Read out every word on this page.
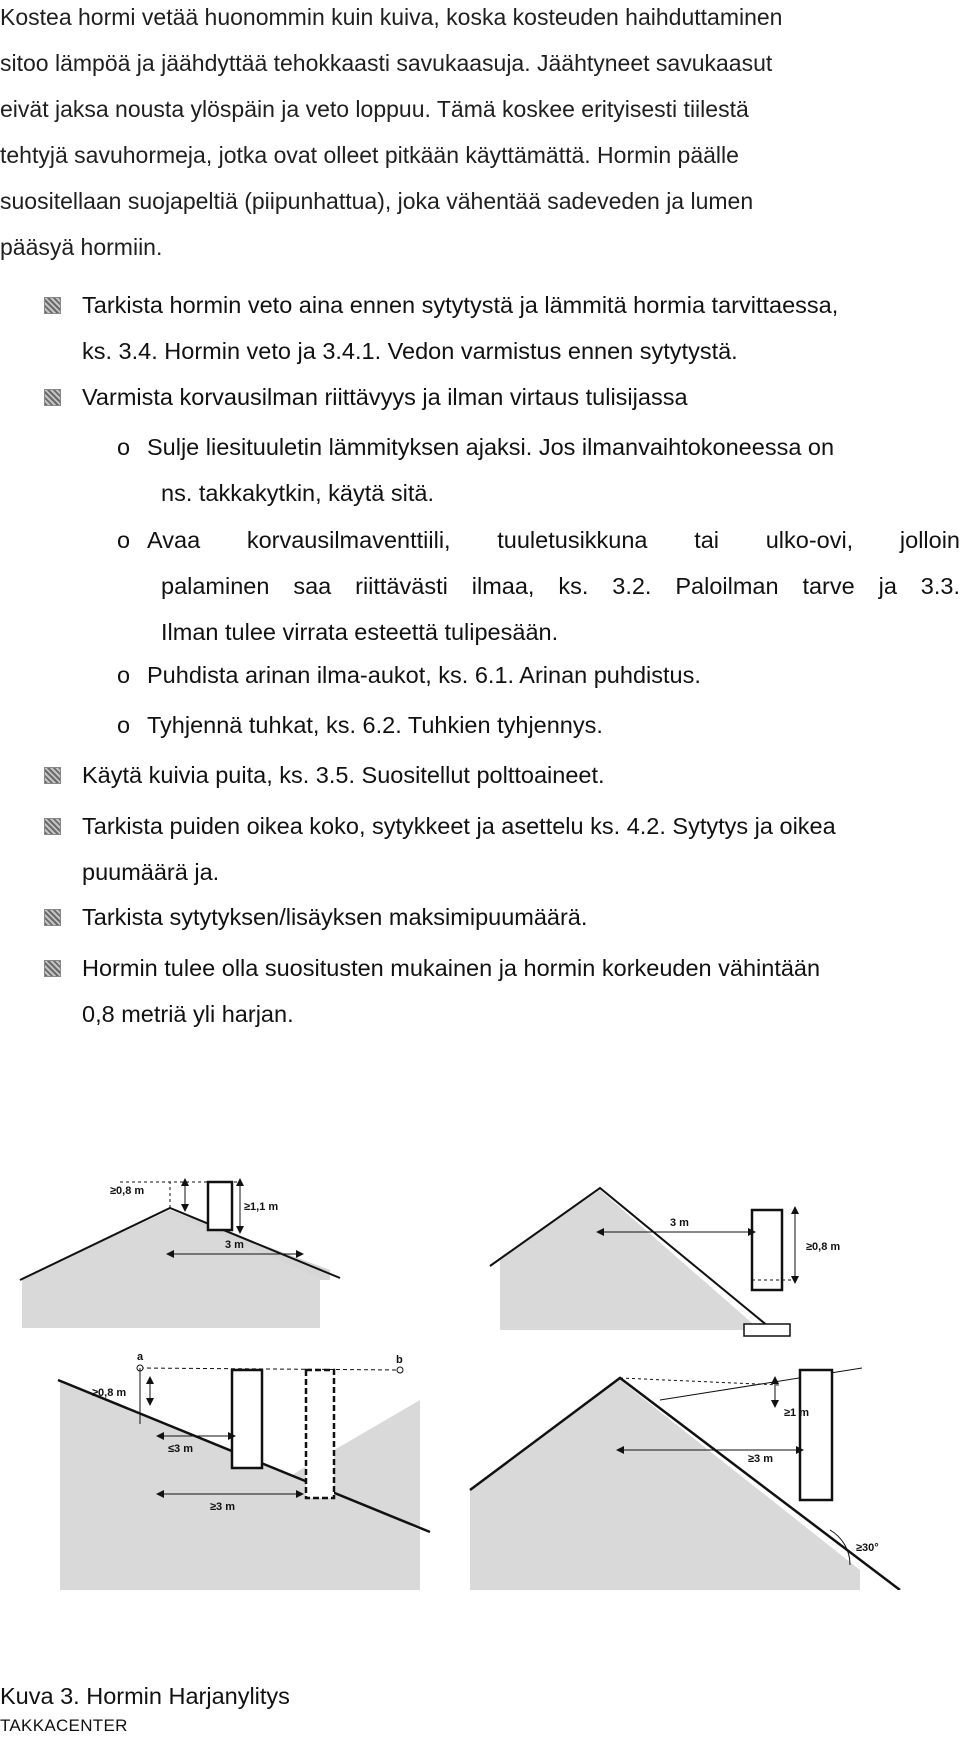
Kostea hormi vetää huonommin kuin kuiva, koska kosteuden haihduttaminen
sitoo lämpöä ja jäähdyttää tehokkaasti savukaasuja. Jäähtyneet savukaasut
eivät jaksa nousta ylöspäin ja veto loppuu. Tämä koskee erityisesti tiilestä
tehtyjä savuhormeja, jotka ovat olleet pitkään käyttämättä. Hormin päälle
suositellaan suojapeltiä (piipunhattua), joka vähentää sadeveden ja lumen
pääsyä hormiin.
Tarkista hormin veto aina ennen sytytystä ja lämmitä hormia tarvittaessa,
ks. 3.4. Hormin veto ja 3.4.1. Vedon varmistus ennen sytytystä.
Varmista korvausilman riittävyys ja ilman virtaus tulisijassa
o Sulje liesituuletin lämmityksen ajaksi. Jos ilmanvaihtokoneessa on
ns. takkakytkin, käytä sitä.
o Avaa korvausilmaventtiili, tuuletusikkuna tai ulko-ovi, jolloin
palaminen saa riittävästi ilmaa, ks. 3.2. Paloilman tarve ja 3.3.
Ilman tulee virrata esteettä tulipesään.
o Puhdista arinan ilma-aukot, ks. 6.1. Arinan puhdistus.
o Tyhjennä tuhkat, ks. 6.2. Tuhkien tyhjennys.
Käytä kuivia puita, ks. 3.5. Suositellut polttoaineet.
Tarkista puiden oikea koko, sytykkeet ja asettelu ks. 4.2. Sytytys ja oikea
puumäärä ja.
Tarkista sytytyksen/lisäyksen maksimipuumäärä.
Hormin tulee olla suositusten mukainen ja hormin korkeuden vähintään
0,8 metriä yli harjan.
≥0,8 m
≥1,1 m
3 m
3 m
≥0,8 m
a	b
≥0,8 m
≤3 m
≥3 m
≥1 m
≥3 m
≥30°
Kuva 3. Hormin Harjanylitys
TAKKACENTER
